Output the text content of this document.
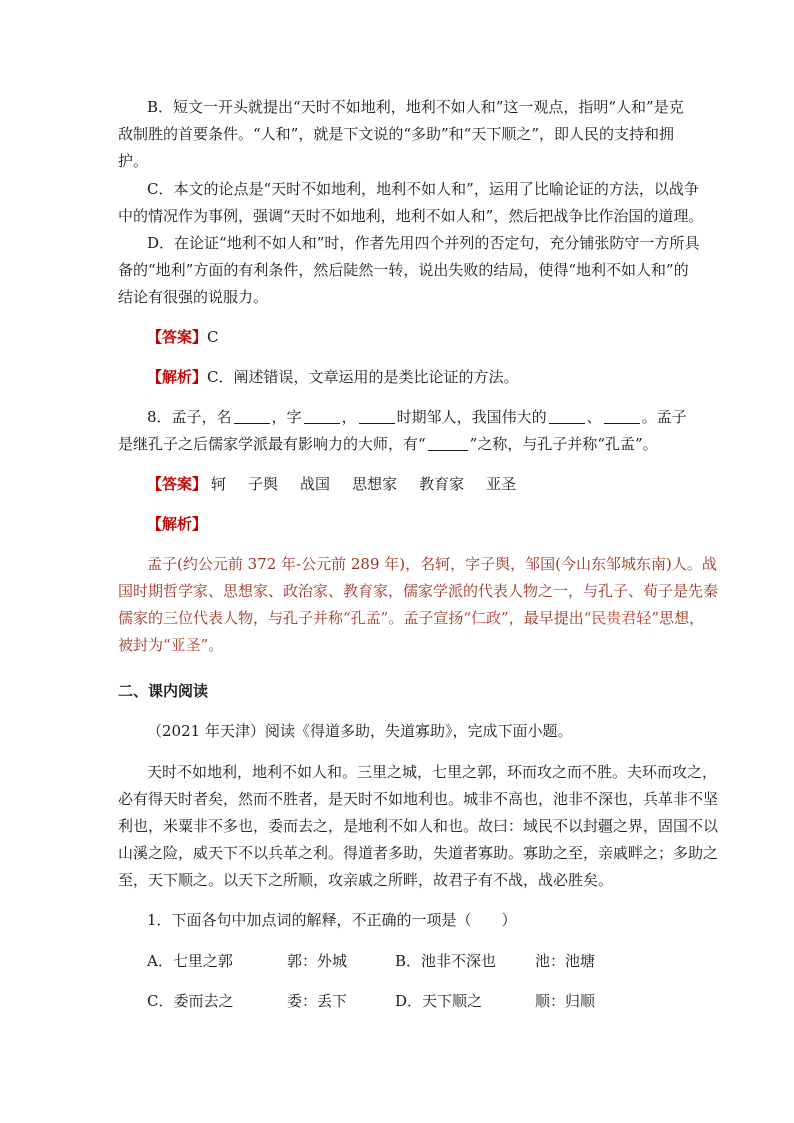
B．短文一开头就提出“天时不如地利，地利不如人和”这一观点，指明“人和”是克
敌制胜的首要条件。“人和”，就是下文说的“多助”和“天下顺之”，即人民的支持和拥
护。
C．本文的论点是“天时不如地利，地利不如人和”，运用了比喻论证的方法，以战争
中的情况作为事例，强调“天时不如地利，地利不如人和”，然后把战争比作治国的道理。
D．在论证“地利不如人和”时，作者先用四个并列的否定句，充分铺张防守一方所具
备的“地利”方面的有利条件，然后陡然一转，说出失败的结局，使得“地利不如人和”的
结论有很强的说服力。
【答案】C
【解析】C．阐述错误，文章运用的是类比论证的方法。
8．孟子，名	，字	，	时期邹人，我国伟大的	、	。孟子
是继孔子之后儒家学派最有影响力的大师，有“	”之称，与孔子并称“孔孟”。
【答案】 轲 子舆 战国 思想家 教育家 亚圣
【解析】
孟子(约公元前 372 年-公元前 289 年)，名轲，字子舆，邹国(今山东邹城东南)人。战
国时期哲学家、思想家、政治家、教育家，儒家学派的代表人物之一，与孔子、荀子是先秦
儒家的三位代表人物，与孔子并称“孔孟”。孟子宣扬“仁政”，最早提出“民贵君轻”思想，
被封为“亚圣”。
二、课内阅读
（2021 年天津）阅读《得道多助，失道寡助》，完成下面小题。
天时不如地利，地利不如人和。三里之城，七里之郭，环而攻之而不胜。夫环而攻之，
必有得天时者矣，然而不胜者，是天时不如地利也。城非不高也，池非不深也，兵革非不坚
利也，米粟非不多也，委而去之，是地利不如人和也。故曰：域民不以封疆之界，固国不以
山溪之险，威天下不以兵革之利。得道者多助，失道者寡助。寡助之至，亲戚畔之；多助之
至，天下顺之。以天下之所顺，攻亲戚之所畔，故君子有不战，战必胜矣。
1．下面各句中加点词的解释，不正确的一项是（　　）
A．七里之郭	郭：外城	B．池非不深也	池：池塘
C．委而去之	委：丢下	D．天下顺之	顺：归顺
